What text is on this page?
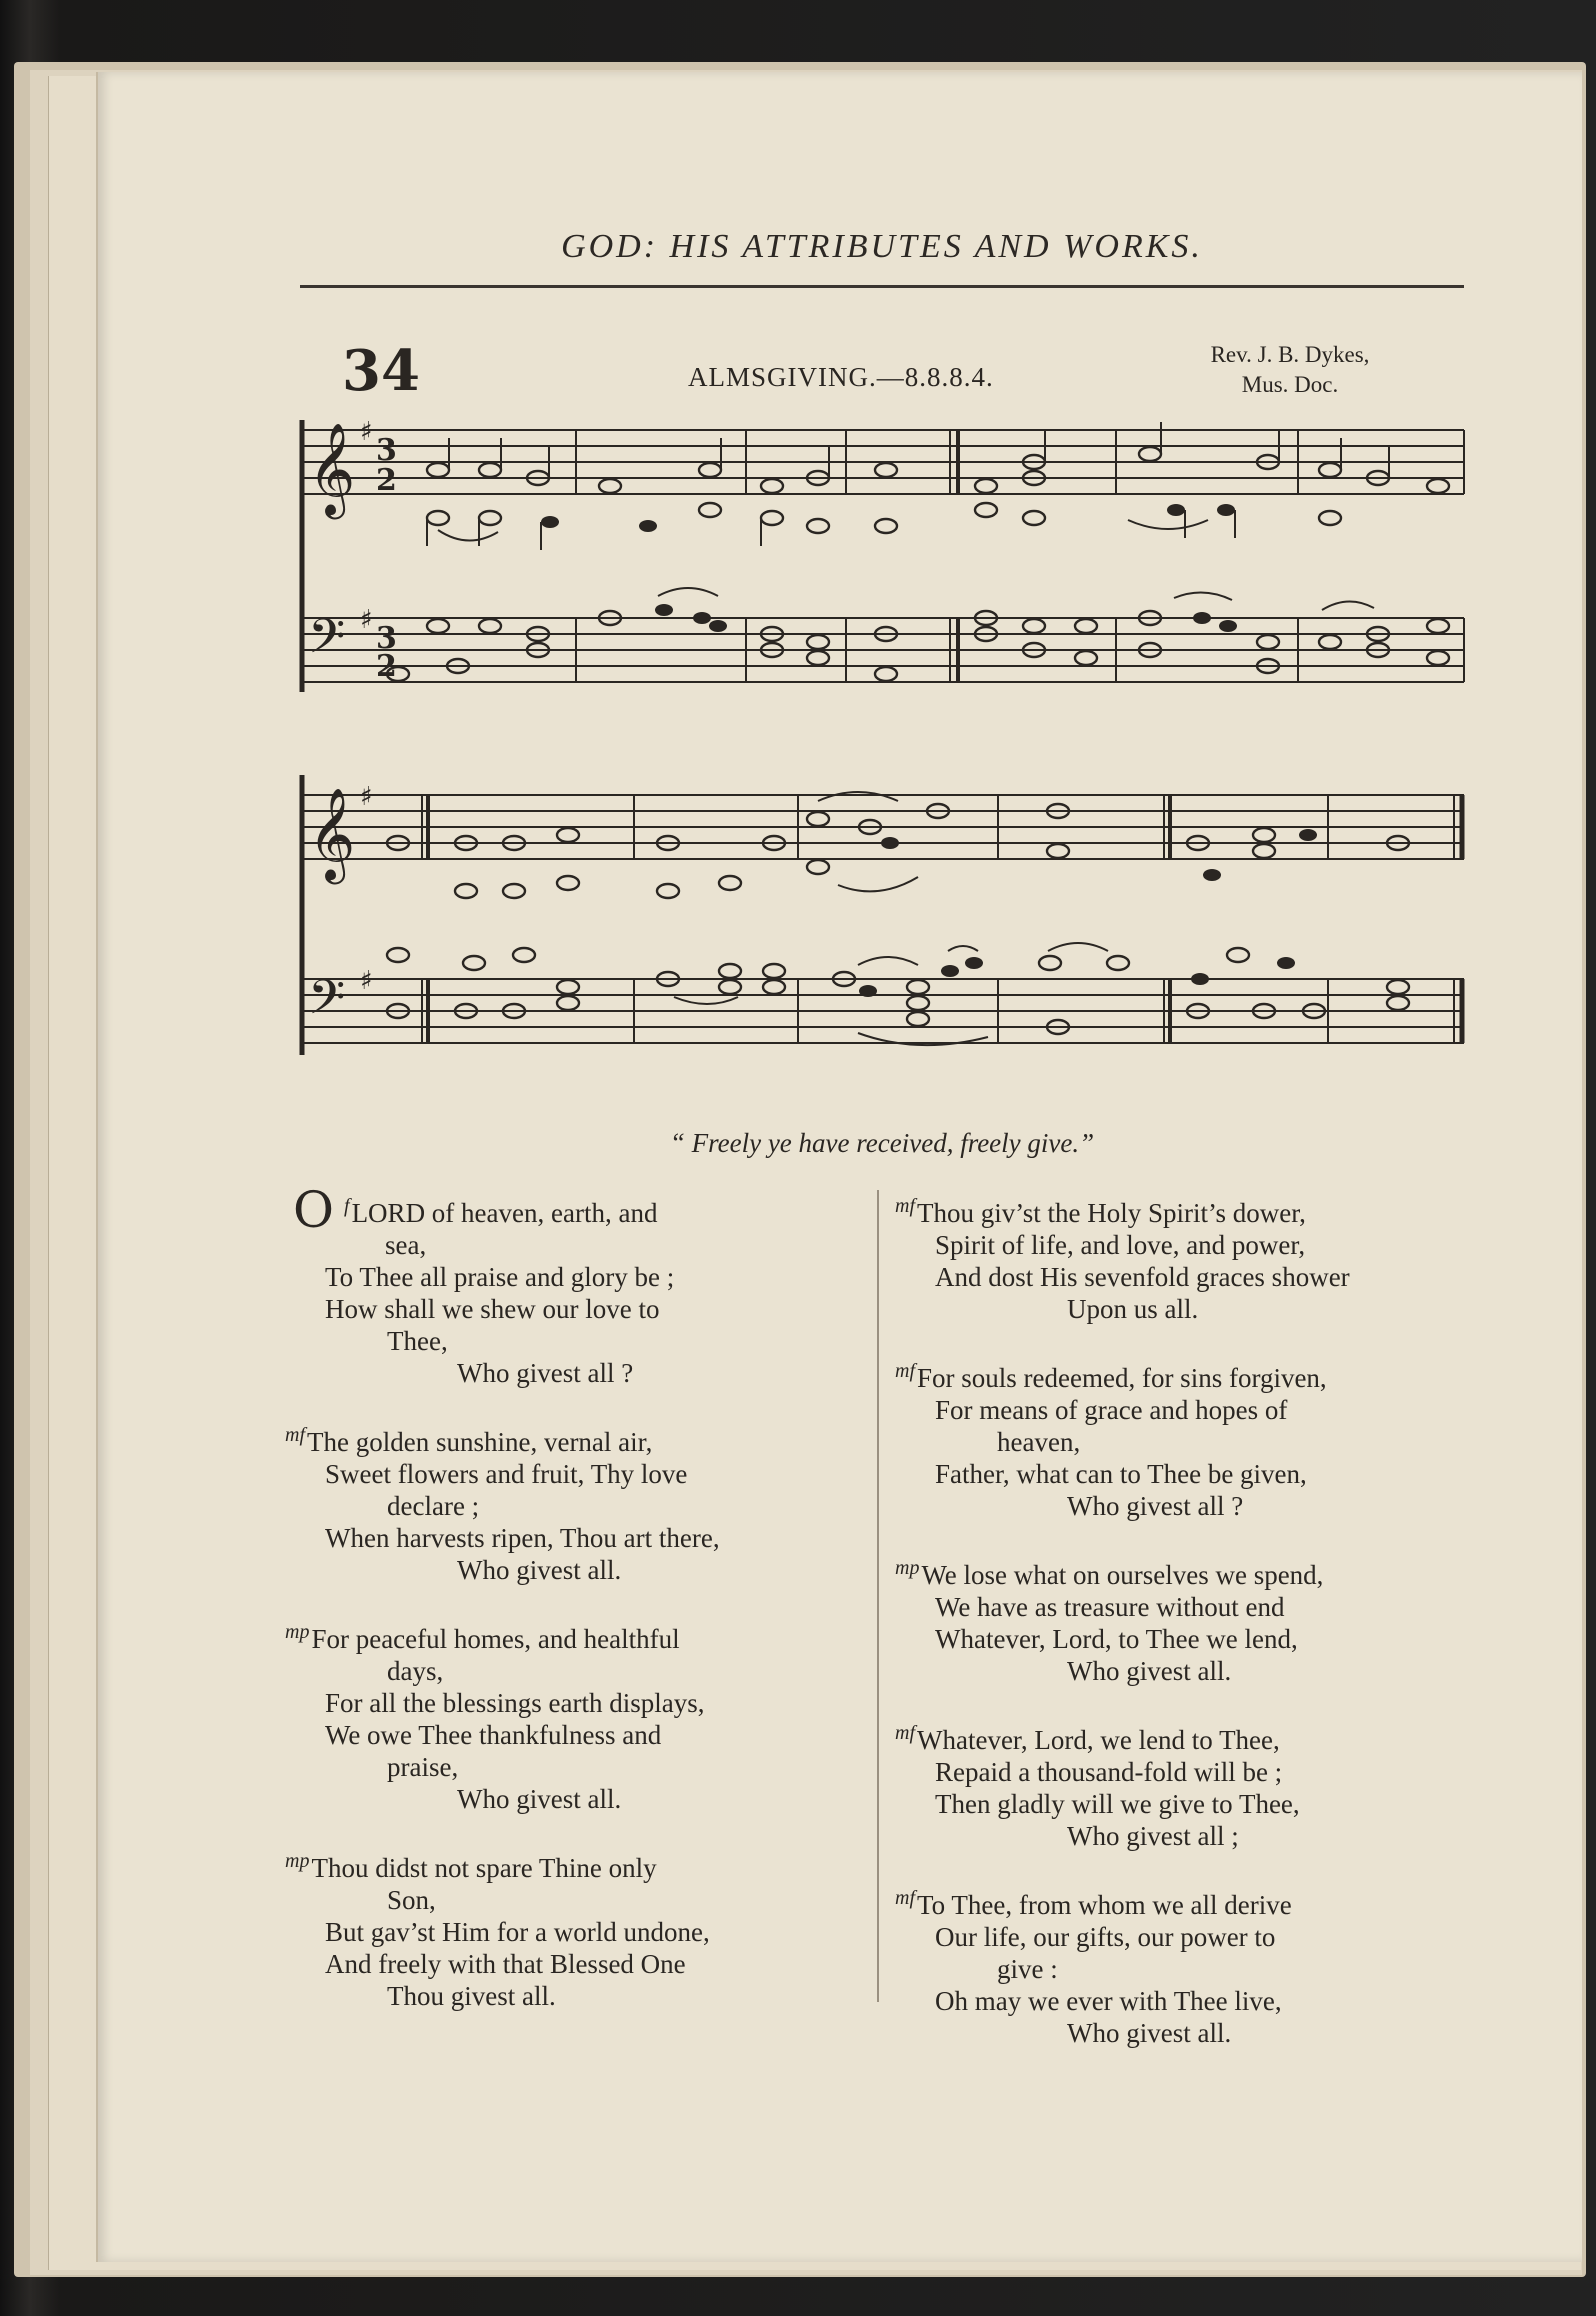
GOD: HIS ATTRIBUTES AND WORKS.
34	ALMSGIVING.—8.8.8.4.
Rev. J. B. Dykes,
Mus. Doc.
𝄞
𝄢
♯
♯
3
2
3
2
𝄞
𝄢
♯
♯
“ Freely ye have received, freely give.”
$^f$
O LORD of heaven, earth, and
sea,
To Thee all praise and glory be ;
How shall we shew our love to
Thee,
Who givest all ?
$^{mf}$The golden sunshine, vernal air,
Sweet flowers and fruit, Thy love
declare ;
When harvests ripen, Thou art there,
Who givest all.
$^{mp}$For peaceful homes, and healthful
days,
For all the blessings earth displays,
We owe Thee thankfulness and
praise,
Who givest all.
$^{mp}$Thou didst not spare Thine only
Son,
But gav’st Him for a world undone,
And freely with that Blessed One
Thou givest all.
$^{mf}$Thou giv’st the Holy Spirit’s dower,
Spirit of life, and love, and power,
And dost His sevenfold graces shower
Upon us all.
$^{mf}$For souls redeemed, for sins forgiven,
For means of grace and hopes of
heaven,
Father, what can to Thee be given,
Who givest all ?
$^{mp}$We lose what on ourselves we spend,
We have as treasure without end
Whatever, Lord, to Thee we lend,
Who givest all.
$^{mf}$Whatever, Lord, we lend to Thee,
Repaid a thousand-fold will be ;
Then gladly will we give to Thee,
Who givest all ;
$^{mf}$To Thee, from whom we all derive
Our life, our gifts, our power to
give :
Oh may we ever with Thee live,
Who givest all.
